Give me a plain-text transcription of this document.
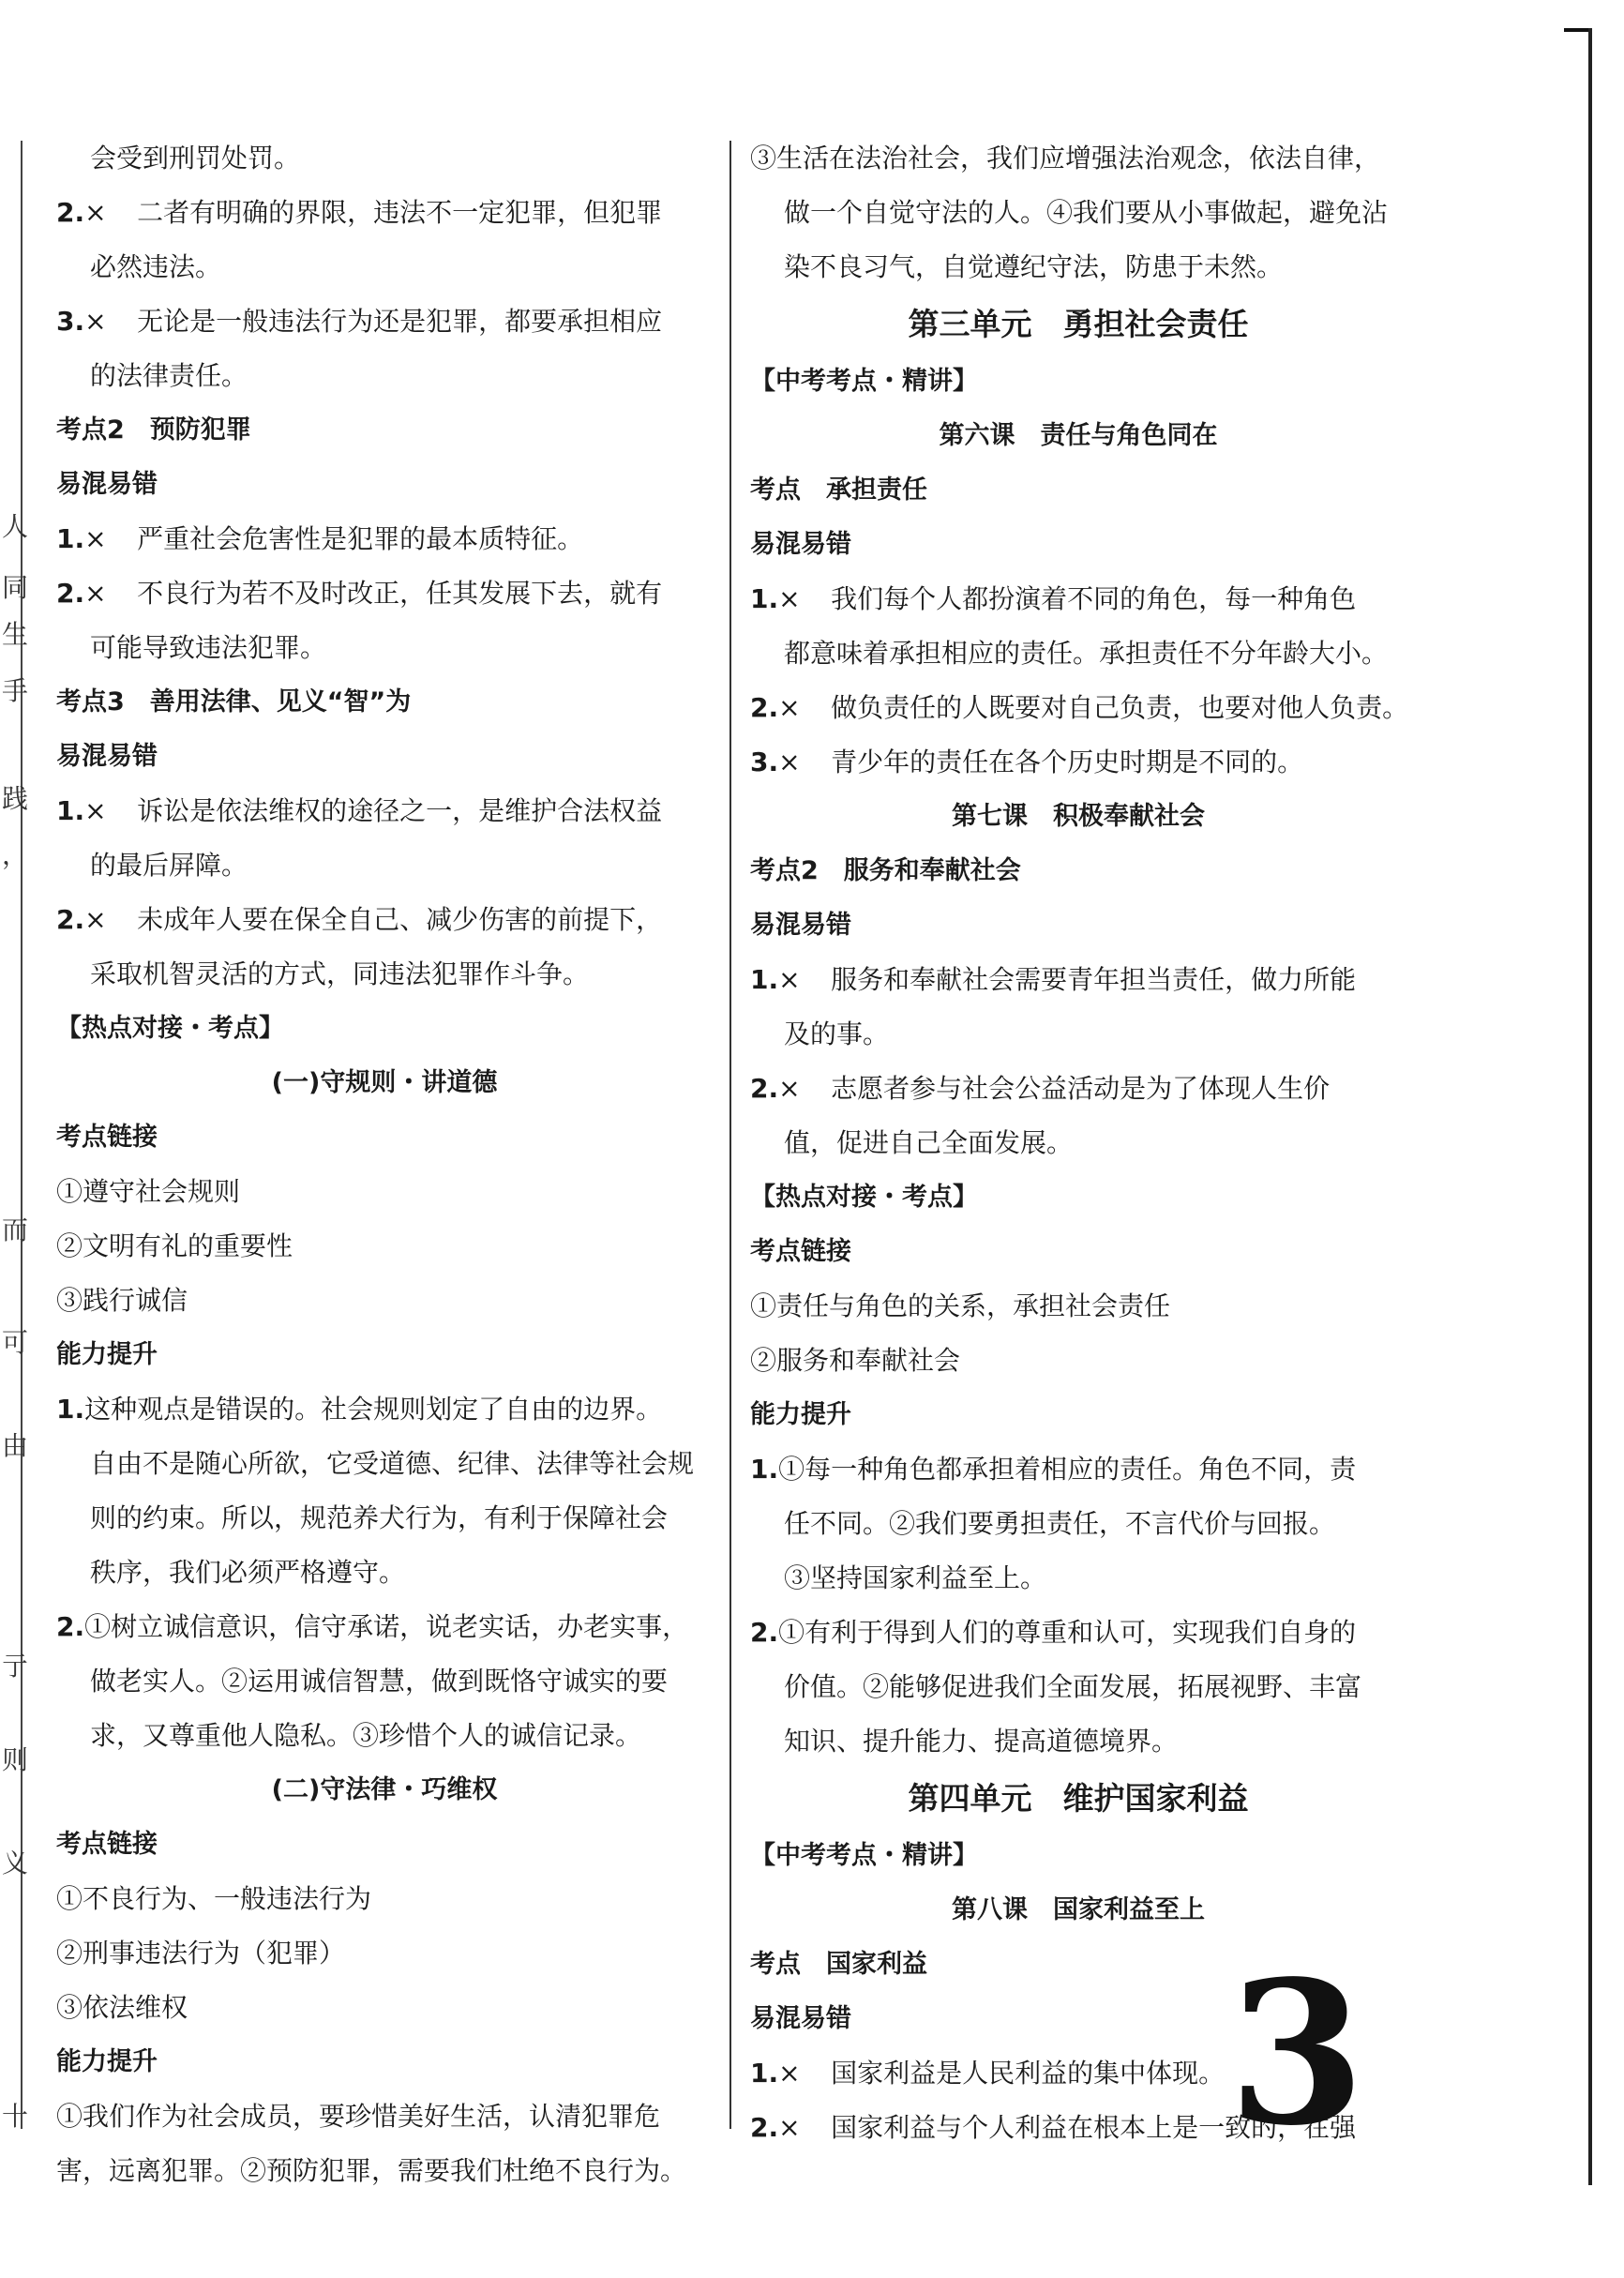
人
同
生
手
践
，
而
可
由
亍
则
义
十
会受到刑罚处罚。
2.× 二者有明确的界限，违法不一定犯罪，但犯罪
必然违法。
3.× 无论是一般违法行为还是犯罪，都要承担相应
的法律责任。
考点2　预防犯罪
易混易错
1.× 严重社会危害性是犯罪的最本质特征。
2.× 不良行为若不及时改正，任其发展下去，就有
可能导致违法犯罪。
考点3　善用法律、见义“智”为
易混易错
1.× 诉讼是依法维权的途径之一，是维护合法权益
的最后屏障。
2.× 未成年人要在保全自己、减少伤害的前提下，
采取机智灵活的方式，同违法犯罪作斗争。
【热点对接・考点】
(一)守规则・讲道德
考点链接
①遵守社会规则
②文明有礼的重要性
③践行诚信
能力提升
1.这种观点是错误的。社会规则划定了自由的边界。
自由不是随心所欲，它受道德、纪律、法律等社会规
则的约束。所以，规范养犬行为，有利于保障社会
秩序，我们必须严格遵守。
2.①树立诚信意识，信守承诺，说老实话，办老实事，
做老实人。②运用诚信智慧，做到既恪守诚实的要
求，又尊重他人隐私。③珍惜个人的诚信记录。
(二)守法律・巧维权
考点链接
①不良行为、一般违法行为
②刑事违法行为（犯罪）
③依法维权
能力提升
①我们作为社会成员，要珍惜美好生活，认清犯罪危
害，远离犯罪。②预防犯罪，需要我们杜绝不良行为。
③生活在法治社会，我们应增强法治观念，依法自律，
做一个自觉守法的人。④我们要从小事做起，避免沾
染不良习气，自觉遵纪守法，防患于未然。
第三单元　勇担社会责任
【中考考点・精讲】
第六课　责任与角色同在
考点　承担责任
易混易错
1.× 我们每个人都扮演着不同的角色，每一种角色
都意味着承担相应的责任。承担责任不分年龄大小。
2.× 做负责任的人既要对自己负责，也要对他人负责。
3.× 青少年的责任在各个历史时期是不同的。
第七课　积极奉献社会
考点2　服务和奉献社会
易混易错
1.× 服务和奉献社会需要青年担当责任，做力所能
及的事。
2.× 志愿者参与社会公益活动是为了体现人生价
值，促进自己全面发展。
【热点对接・考点】
考点链接
①责任与角色的关系，承担社会责任
②服务和奉献社会
能力提升
1.①每一种角色都承担着相应的责任。角色不同，责
任不同。②我们要勇担责任，不言代价与回报。
③坚持国家利益至上。
2.①有利于得到人们的尊重和认可，实现我们自身的
价值。②能够促进我们全面发展，拓展视野、丰富
知识、提升能力、提高道德境界。
第四单元　维护国家利益
【中考考点・精讲】
第八课　国家利益至上
考点　国家利益
易混易错
1.× 国家利益是人民利益的集中体现。
2.× 国家利益与个人利益在根本上是一致的，在强
3
